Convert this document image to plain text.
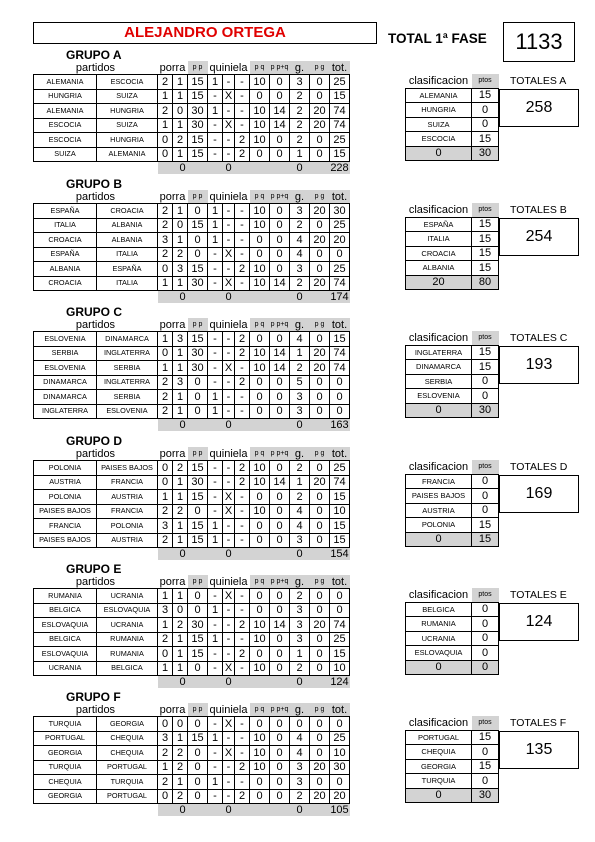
ALEJANDRO ORTEGA	TOTAL 1ª FASE	1133
GRUPO A
partidos		porra		p p	quiniela			p q	p p+q	g.	p g	tot.
ALEMANIA	ESCOCIA	2	1	15	1	-	-	10	0	3	0	25
HUNGRIA	SUIZA	1	1	15	-	X	-	0	0	2	0	15
ALEMANIA	HUNGRIA	2	0	30	1	-	-	10	14	2	20	74
ESCOCIA	SUIZA	1	1	30	-	X	-	10	14	2	20	74
ESCOCIA	HUNGRIA	0	2	15	-	-	2	10	0	2	0	25
SUIZA	ALEMANIA	0	1	15	-	-	2	0	0	1	0	15
		0			0					0		228
clasificacion	ptos
ALEMANIA	15
HUNGRIA	0
SUIZA	0
ESCOCIA	15
0	30
TOTALES A
258
GRUPO B
partidos		porra		p p	quiniela			p q	p p+q	g.	p g	tot.
ESPAÑA	CROACIA	2	1	0	1	-	-	10	0	3	20	30
ITALIA	ALBANIA	2	0	15	1	-	-	10	0	2	0	25
CROACIA	ALBANIA	3	1	0	1	-	-	0	0	4	20	20
ESPAÑA	ITALIA	2	2	0	-	X	-	0	0	4	0	0
ALBANIA	ESPAÑA	0	3	15	-	-	2	10	0	3	0	25
CROACIA	ITALIA	1	1	30	-	X	-	10	14	2	20	74
		0			0					0		174
clasificacion	ptos
ESPAÑA	15
ITALIA	15
CROACIA	15
ALBANIA	15
20	80
TOTALES B
254
GRUPO C
partidos		porra		p p	quiniela			p q	p p+q	g.	p g	tot.
ESLOVENIA	DINAMARCA	1	3	15	-	-	2	0	0	4	0	15
SERBIA	INGLATERRA	0	1	30	-	-	2	10	14	1	20	74
ESLOVENIA	SERBIA	1	1	30	-	X	-	10	14	2	20	74
DINAMARCA	INGLATERRA	2	3	0	-	-	2	0	0	5	0	0
DINAMARCA	SERBIA	2	1	0	1	-	-	0	0	3	0	0
INGLATERRA	ESLOVENIA	2	1	0	1	-	-	0	0	3	0	0
		0			0					0		163
clasificacion	ptos
INGLATERRA	15
DINAMARCA	15
SERBIA	0
ESLOVENIA	0
0	30
TOTALES C
193
GRUPO D
partidos		porra		p p	quiniela			p q	p p+q	g.	p g	tot.
POLONIA	PAISES BAJOS	0	2	15	-	-	2	10	0	2	0	25
AUSTRIA	FRANCIA	0	1	30	-	-	2	10	14	1	20	74
POLONIA	AUSTRIA	1	1	15	-	X	-	0	0	2	0	15
PAISES BAJOS	FRANCIA	2	2	0	-	X	-	10	0	4	0	10
FRANCIA	POLONIA	3	1	15	1	-	-	0	0	4	0	15
PAISES BAJOS	AUSTRIA	2	1	15	1	-	-	0	0	3	0	15
		0			0					0		154
clasificacion	ptos
FRANCIA	0
PAISES BAJOS	0
AUSTRIA	0
POLONIA	15
0	15
TOTALES D
169
GRUPO E
partidos		porra		p p	quiniela			p q	p p+q	g.	p g	tot.
RUMANIA	UCRANIA	1	1	0	-	X	-	0	0	2	0	0
BELGICA	ESLOVAQUIA	3	0	0	1	-	-	0	0	3	0	0
ESLOVAQUIA	UCRANIA	1	2	30	-	-	2	10	14	3	20	74
BELGICA	RUMANIA	2	1	15	1	-	-	10	0	3	0	25
ESLOVAQUIA	RUMANIA	0	1	15	-	-	2	0	0	1	0	15
UCRANIA	BELGICA	1	1	0	-	X	-	10	0	2	0	10
		0			0					0		124
clasificacion	ptos
BELGICA	0
RUMANIA	0
UCRANIA	0
ESLOVAQUIA	0
0	0
TOTALES E
124
GRUPO F
partidos		porra		p p	quiniela			p q	p p+q	g.	p g	tot.
TURQUIA	GEORGIA	0	0	0	-	X	-	0	0	0	0	0
PORTUGAL	CHEQUIA	3	1	15	1	-	-	10	0	4	0	25
GEORGIA	CHEQUIA	2	2	0	-	X	-	10	0	4	0	10
TURQUIA	PORTUGAL	1	2	0	-	-	2	10	0	3	20	30
CHEQUIA	TURQUIA	2	1	0	1	-	-	0	0	3	0	0
GEORGIA	PORTUGAL	0	2	0	-	-	2	0	0	2	20	20
		0			0					0		105
clasificacion	ptos
PORTUGAL	15
CHEQUIA	0
GEORGIA	15
TURQUIA	0
0	30
TOTALES F
135
